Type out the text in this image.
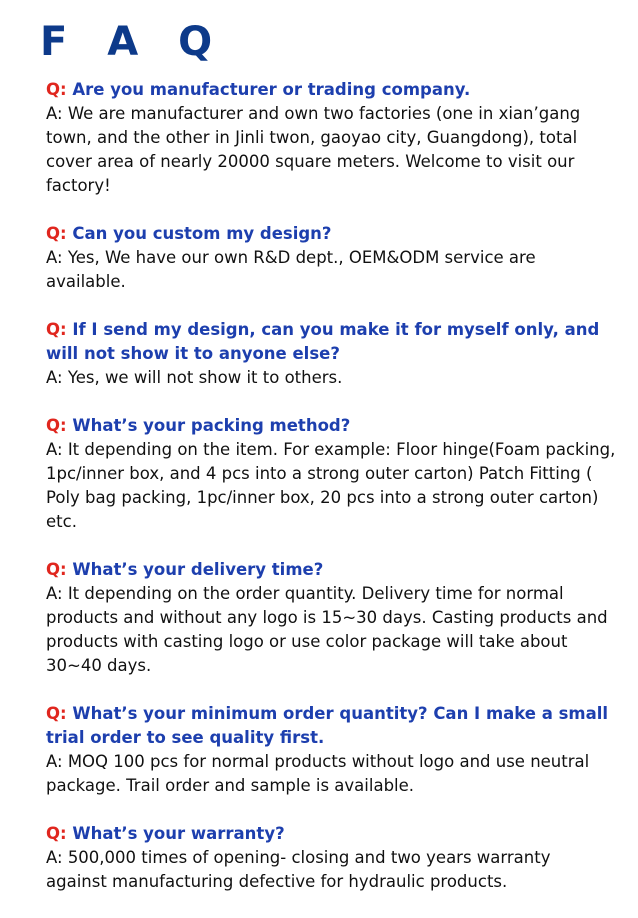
F A Q

Q: Are you manufacturer or trading company.

A: We are manufacturer and own two factories (one in xian’gang town, and the other in Jinli twon, gaoyao city, Guangdong), total cover area of nearly 20000 square meters. Welcome to visit our factory!

Q: Can you custom my design?

A: Yes, We have our own R&D dept., OEM&ODM service are available.

Q: If I send my design, can you make it for myself only, and will not show it to anyone else?

A: Yes, we will not show it to others.

Q: What’s your packing method?

A: It depending on the item. For example: Floor hinge(Foam packing, 1pc/inner box, and 4 pcs into a strong outer carton) Patch Fitting ( Poly bag packing, 1pc/inner box, 20 pcs into a strong outer carton) etc.

Q: What’s your delivery time?

A: It depending on the order quantity. Delivery time for normal products and without any logo is 15~30 days. Casting products and products with casting logo or use color package will take about 30~40 days.

Q: What’s your minimum order quantity? Can I make a small trial order to see quality first.

A: MOQ 100 pcs for normal products without logo and use neutral package. Trail order and sample is available.

Q: What’s your warranty?

A: 500,000 times of opening- closing and two years warranty against manufacturing defective for hydraulic products.
